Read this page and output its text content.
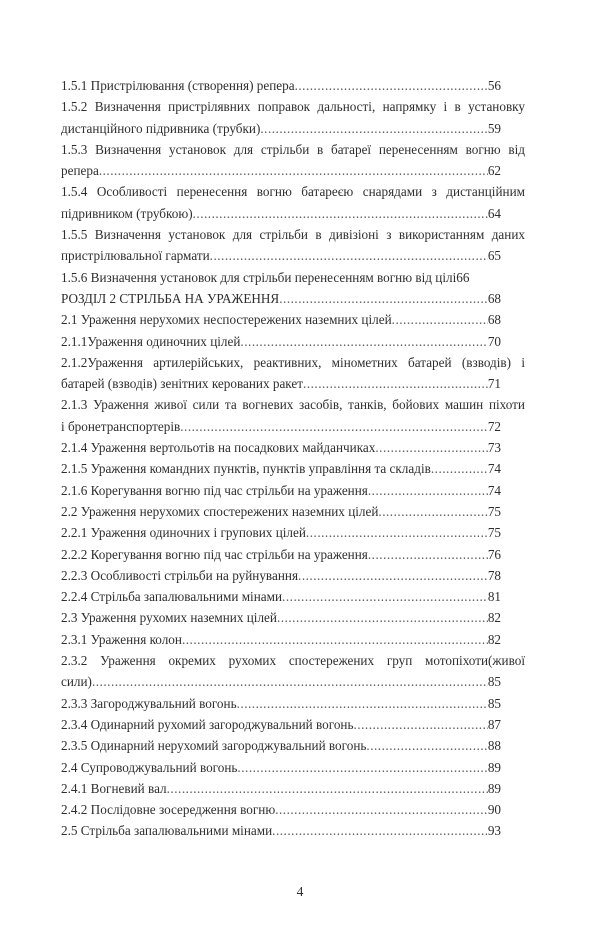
1.5.1 Пристрілювання (створення) репера .....	56
1.5.2 Визначення пристрілявних поправок дальності, напрямку і в установку
дистанційного підривника (трубки) .....	59
1.5.3 Визначення установок для стрільби в батареї перенесенням вогню від
репера .....	62
1.5.4 Особливості перенесення вогню батареєю снарядами з дистанційним
підривником (трубкою) .....	64
1.5.5 Визначення установок для стрільби в дивізіоні з використанням даних
пристрілювальної гармати .....	65
1.5.6 Визначення установок для стрільби перенесенням вогню від цілі66
РОЗДІЛ 2 СТРІЛЬБА НА УРАЖЕННЯ .....	68
2.1 Ураження нерухомих неспостережених наземних цілей .....	68
2.1.1Ураження одиночних цілей .....	70
2.1.2Ураження артилерійських, реактивних, мінометних батарей (взводів) і
батарей (взводів) зенітних керованих ракет .....	71
2.1.3 Ураження живої сили та вогневих засобів, танків, бойових машин піхоти
і бронетранспортерів .....	72
2.1.4 Ураження вертольотів на посадкових майданчиках .....	73
2.1.5 Ураження командних пунктів, пунктів управління та складів .....	74
2.1.6 Корегування вогню під час стрільби на ураження .....	74
2.2 Ураження нерухомих спостережених наземних цілей .....	75
2.2.1 Ураження одиночних і групових цілей .....	75
2.2.2 Корегування вогню під час стрільби на ураження .....	76
2.2.3 Особливості стрільби на руйнування .....	78
2.2.4 Стрільба запалювальними мінами .....	81
2.3 Ураження рухомих наземних цілей .....	82
2.3.1 Ураження колон .....	82
2.3.2 Ураження окремих рухомих спостережених груп мотопіхоти(живої
сили) .....	85
2.3.3 Загороджувальний вогонь .....	85
2.3.4 Одинарний рухомий загороджувальний вогонь .....	87
2.3.5 Одинарний нерухомий загороджувальний вогонь .....	88
2.4 Супроводжувальний вогонь .....	89
2.4.1 Вогневий вал .....	89
2.4.2 Послідовне зосередження вогню .....	90
2.5 Стрільба запалювальними мінами .....	93
4
